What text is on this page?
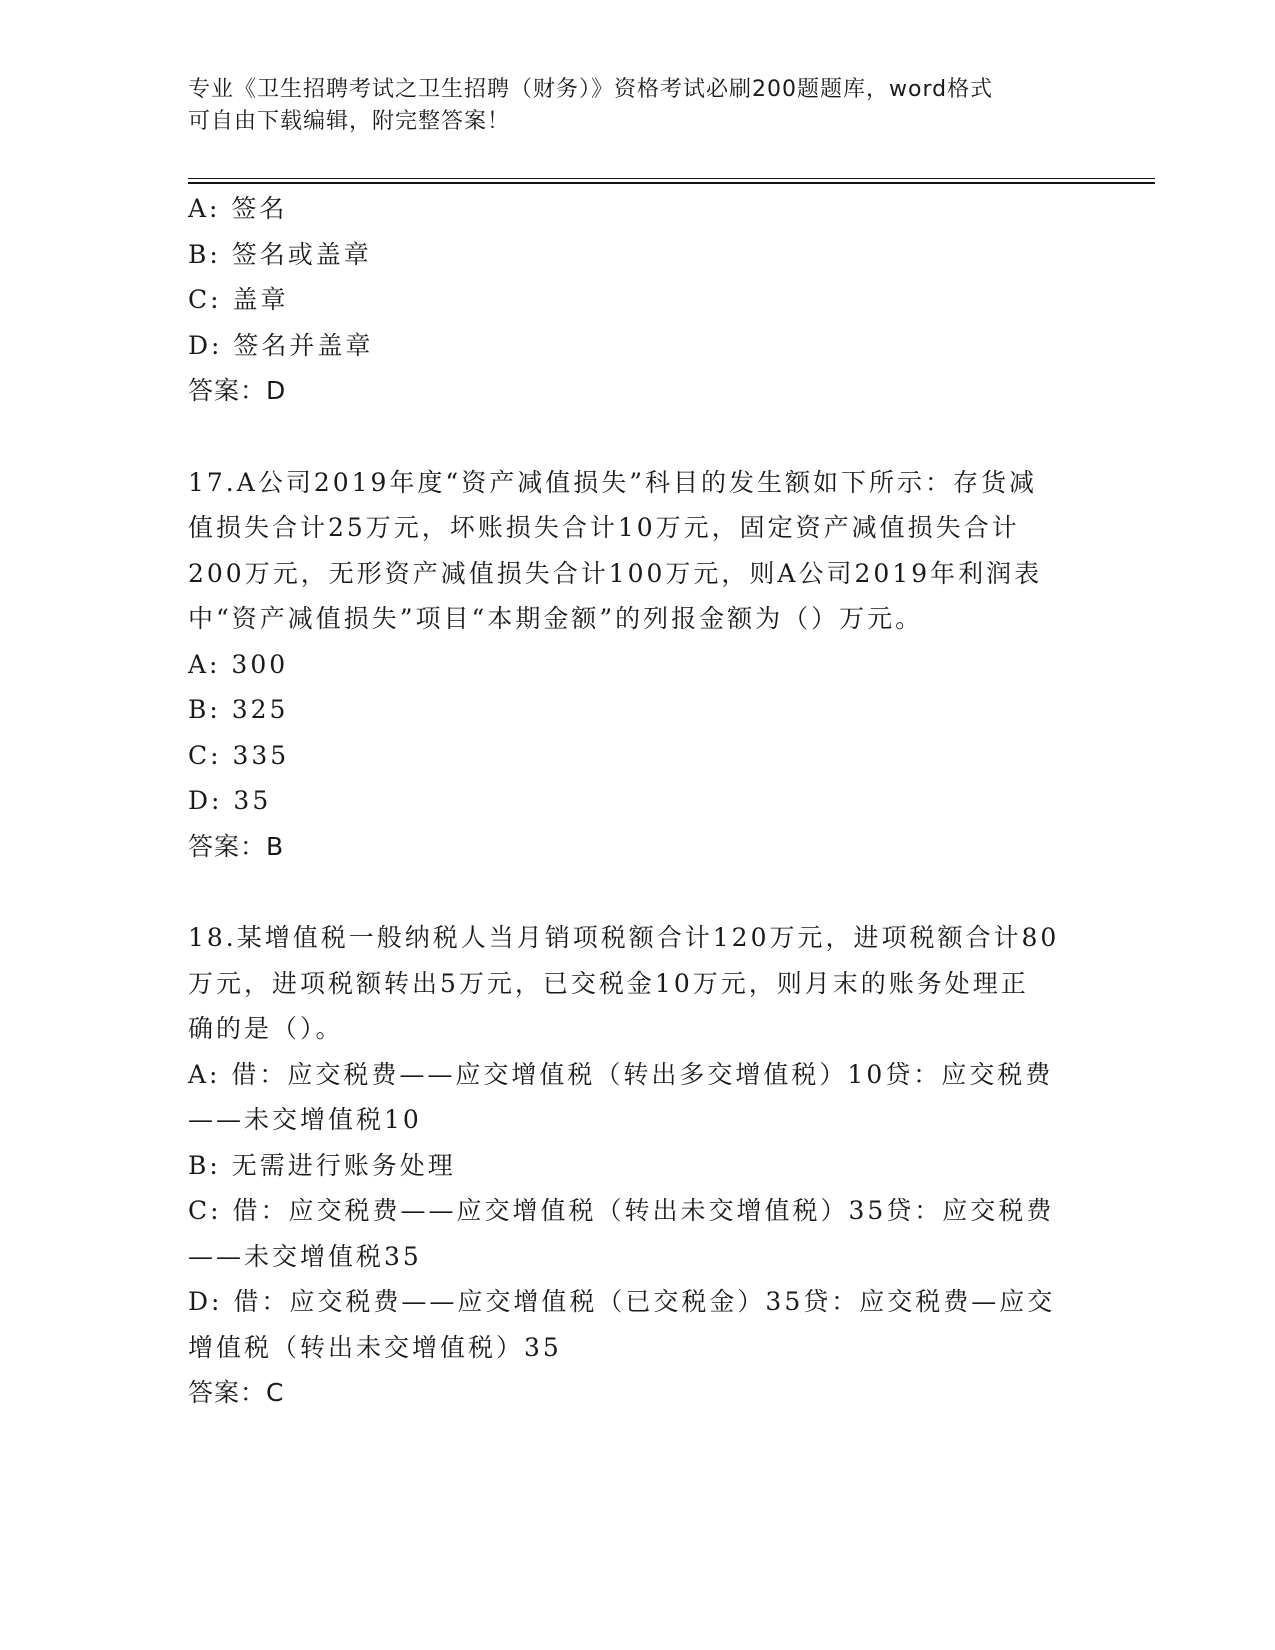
专业《卫生招聘考试之卫生招聘（财务）》资格考试必刷200题题库，word格式
可自由下载编辑，附完整答案！
A: 签名
B: 签名或盖章
C: 盖章
D: 签名并盖章
答案：D
17.A公司2019年度“资产减值损失”科目的发生额如下所示：存货减
值损失合计25万元，坏账损失合计10万元，固定资产减值损失合计
200万元，无形资产减值损失合计100万元，则A公司2019年利润表
中“资产减值损失”项目“本期金额”的列报金额为（）万元。
A: 300
B: 325
C: 335
D: 35
答案：B
18.某增值税一般纳税人当月销项税额合计120万元，进项税额合计80
万元，进项税额转出5万元，已交税金10万元，则月末的账务处理正
确的是（）。
A: 借：应交税费——应交增值税（转出多交增值税）10贷：应交税费
——未交增值税10
B: 无需进行账务处理
C: 借：应交税费——应交增值税（转出未交增值税）35贷：应交税费
——未交增值税35
D: 借：应交税费——应交增值税（已交税金）35贷：应交税费—应交
增值税（转出未交增值税）35
答案：C
